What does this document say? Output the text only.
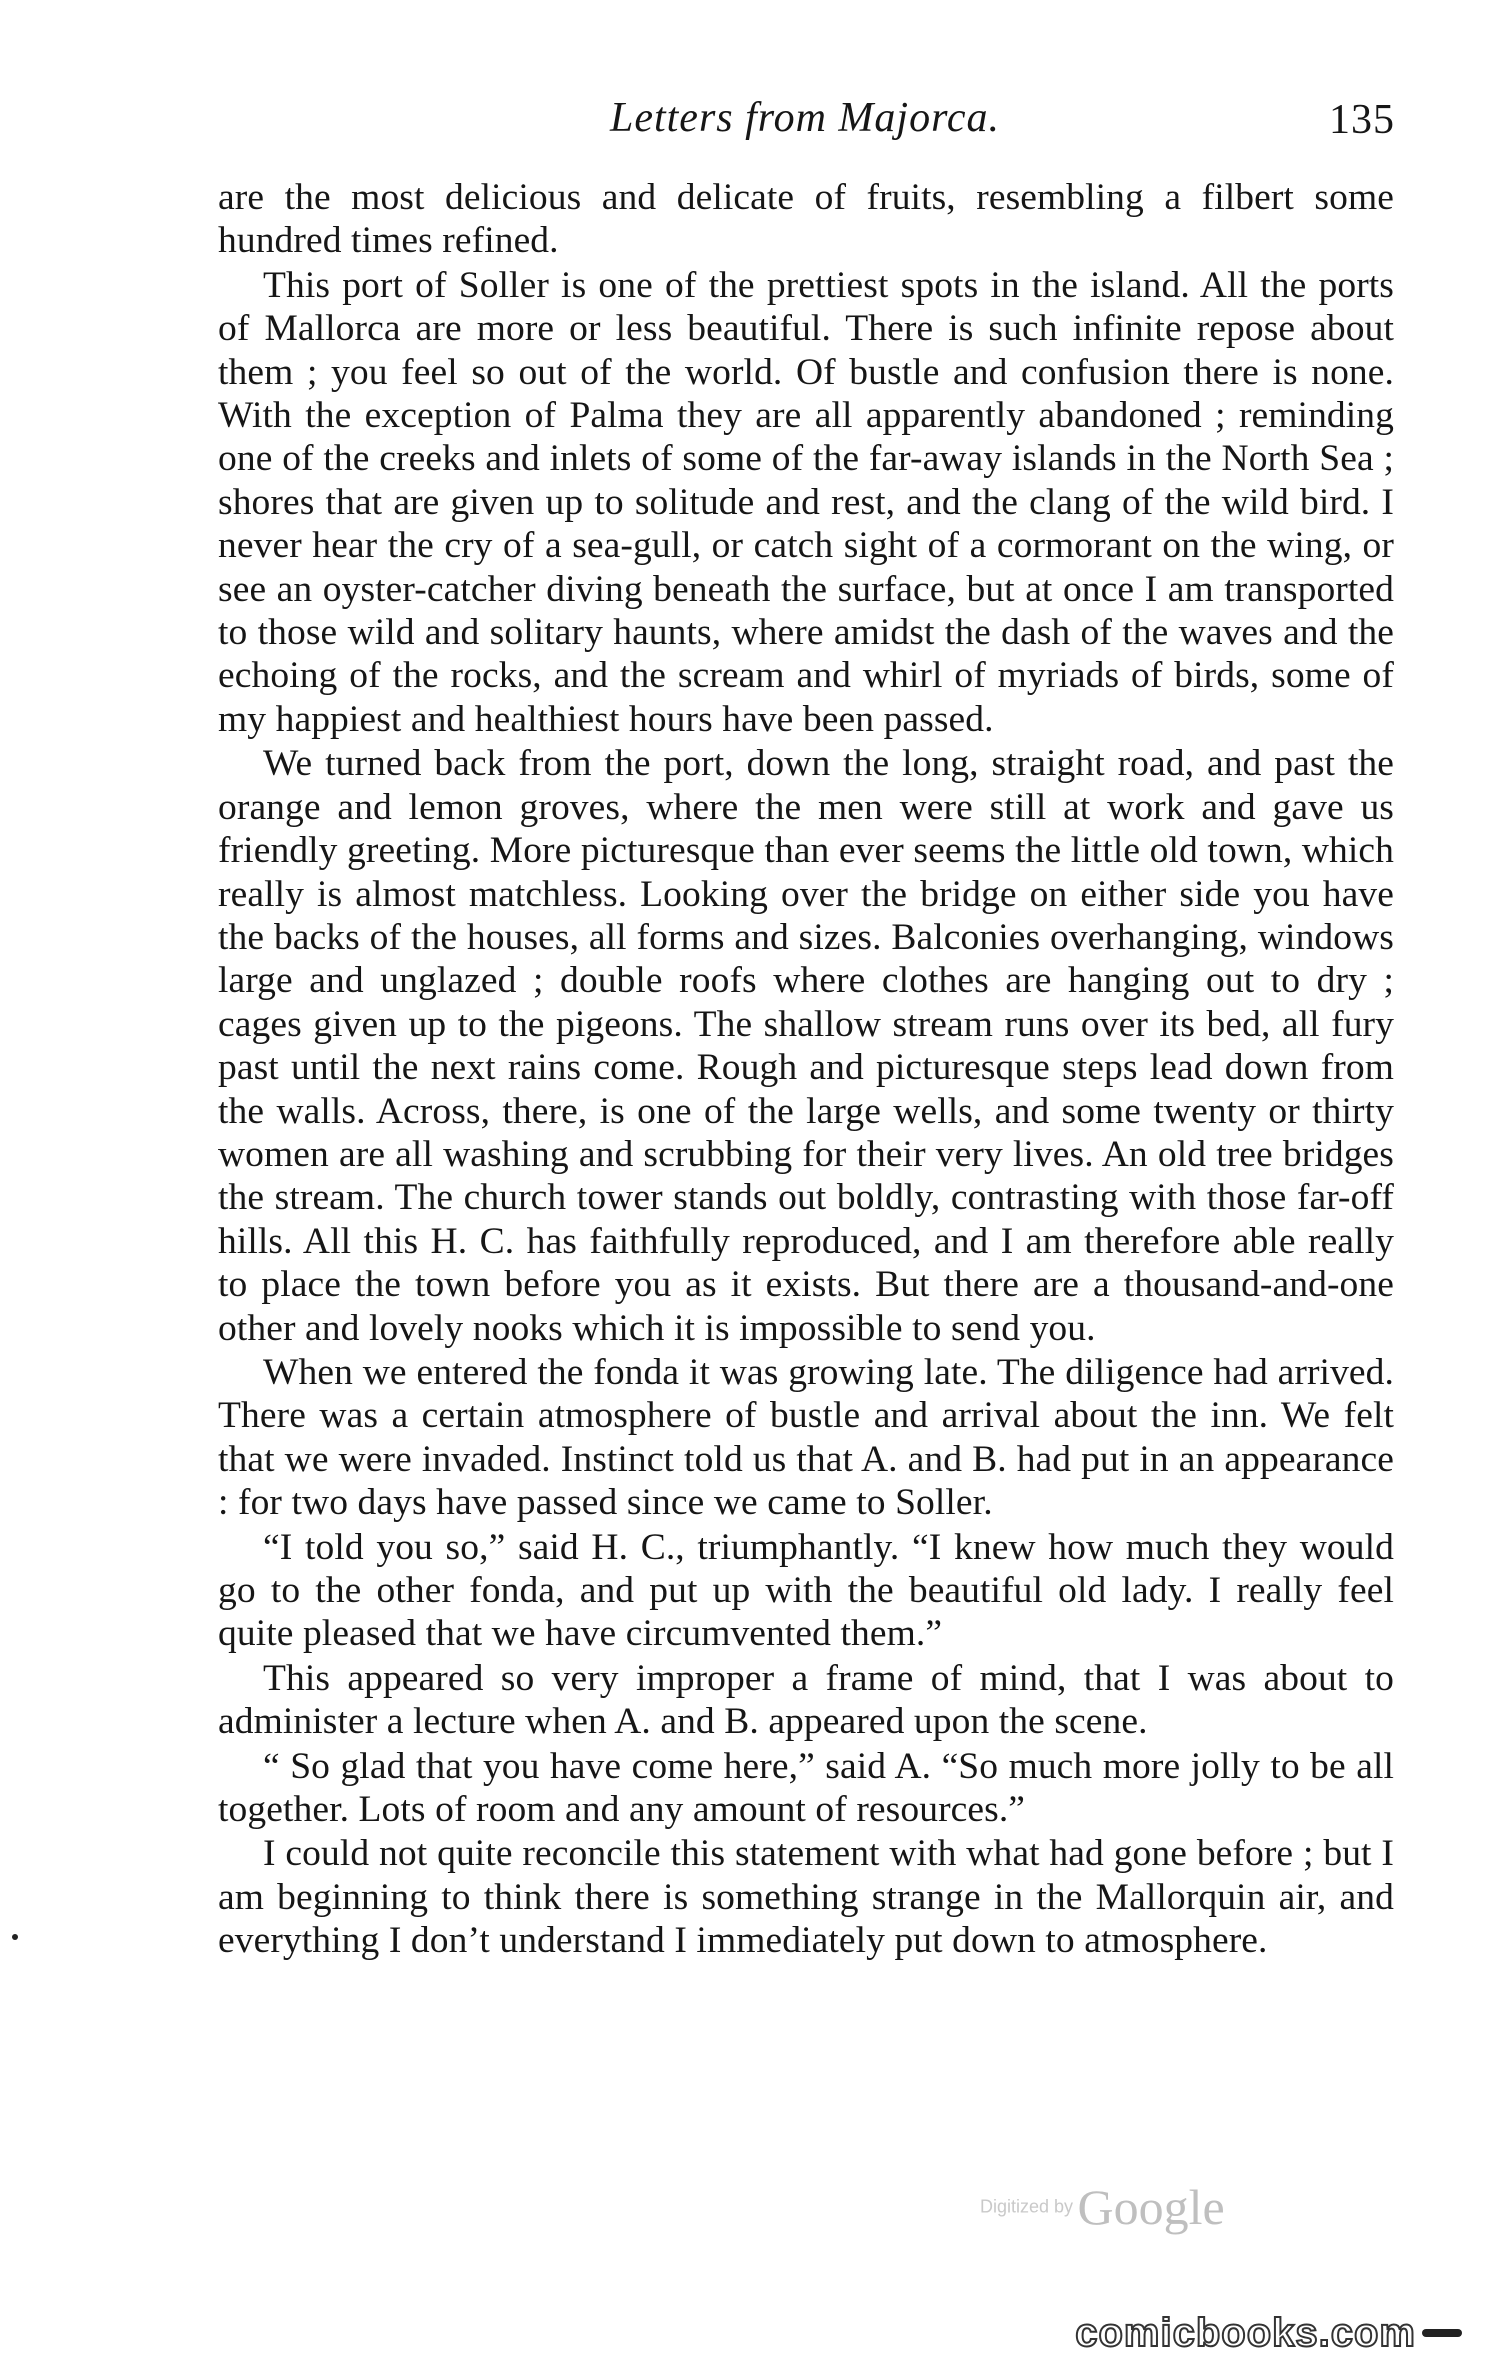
Letters from Majorca.	135

are the most delicious and delicate of fruits, resembling a filbert some hundred times refined.

This port of Soller is one of the prettiest spots in the island. All the ports of Mallorca are more or less beautiful. There is such infinite repose about them ; you feel so out of the world. Of bustle and confusion there is none. With the exception of Palma they are all apparently abandoned ; reminding one of the creeks and inlets of some of the far-away islands in the North Sea ; shores that are given up to solitude and rest, and the clang of the wild bird. I never hear the cry of a sea-gull, or catch sight of a cormorant on the wing, or see an oyster-catcher diving beneath the surface, but at once I am transported to those wild and solitary haunts, where amidst the dash of the waves and the echoing of the rocks, and the scream and whirl of myriads of birds, some of my happiest and healthiest hours have been passed.

We turned back from the port, down the long, straight road, and past the orange and lemon groves, where the men were still at work and gave us friendly greeting. More picturesque than ever seems the little old town, which really is almost matchless. Looking over the bridge on either side you have the backs of the houses, all forms and sizes. Balconies overhanging, windows large and unglazed ; double roofs where clothes are hanging out to dry ; cages given up to the pigeons. The shallow stream runs over its bed, all fury past until the next rains come. Rough and picturesque steps lead down from the walls. Across, there, is one of the large wells, and some twenty or thirty women are all washing and scrubbing for their very lives. An old tree bridges the stream. The church tower stands out boldly, contrasting with those far-off hills. All this H. C. has faithfully reproduced, and I am therefore able really to place the town before you as it exists. But there are a thousand-and-one other and lovely nooks which it is impossible to send you.

When we entered the fonda it was growing late. The diligence had arrived. There was a certain atmosphere of bustle and arrival about the inn. We felt that we were invaded. Instinct told us that A. and B. had put in an appearance : for two days have passed since we came to Soller.

“I told you so,” said H. C., triumphantly. “I knew how much they would go to the other fonda, and put up with the beautiful old lady. I really feel quite pleased that we have circumvented them.”

This appeared so very improper a frame of mind, that I was about to administer a lecture when A. and B. appeared upon the scene.

“ So glad that you have come here,” said A. “So much more jolly to be all together. Lots of room and any amount of resources.”

I could not quite reconcile this statement with what had gone before ; but I am beginning to think there is something strange in the Mallorquin air, and everything I don’t understand I immediately put down to atmosphere.

Digitized by Google
comicbooks.com
